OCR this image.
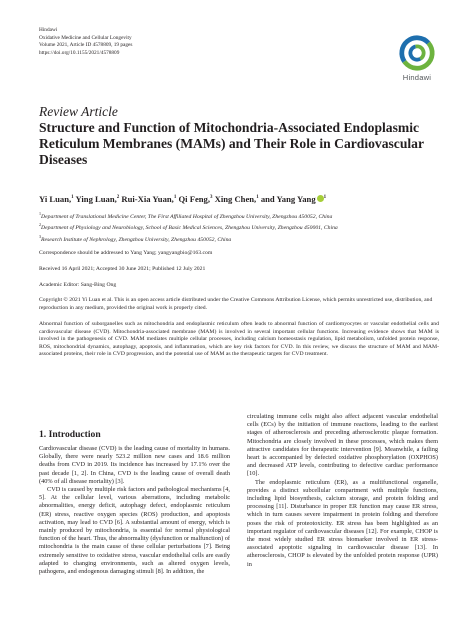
Hindawi
Oxidative Medicine and Cellular Longevity
Volume 2021, Article ID 4578809, 19 pages
https://doi.org/10.1155/2021/4578809
Hindawi
Review Article
Structure and Function of Mitochondria-Associated Endoplasmic Reticulum Membranes (MAMs) and Their Role in Cardiovascular Diseases
Yi Luan,$^1$ Ying Luan,$^2$ Rui-Xia Yuan,$^1$ Qi Feng,$^3$ Xing Chen,$^1$ and Yang Yang $^1$
$^1$Department of Translational Medicine Center, The First Affiliated Hospital of Zhengzhou University, Zhengzhou 450052, China
$^2$Department of Physiology and Neurobiology, School of Basic Medical Sciences, Zhengzhou University, Zhengzhou 450001, China
$^3$Research Institute of Nephrology, Zhengzhou University, Zhengzhou 450052, China
Correspondence should be addressed to Yang Yang; yangyangbio@163.com
Received 16 April 2021; Accepted 30 June 2021; Published 12 July 2021
Academic Editor: Sang-Bing Ong
Copyright © 2021 Yi Luan et al. This is an open access article distributed under the Creative Commons Attribution License, which permits unrestricted use, distribution, and reproduction in any medium, provided the original work is properly cited.
Abnormal function of suborganelles such as mitochondria and endoplasmic reticulum often leads to abnormal function of cardiomyocytes or vascular endothelial cells and cardiovascular disease (CVD). Mitochondria-associated membrane (MAM) is involved in several important cellular functions. Increasing evidence shows that MAM is involved in the pathogenesis of CVD. MAM mediates multiple cellular processes, including calcium homeostasis regulation, lipid metabolism, unfolded protein response, ROS, mitochondrial dynamics, autophagy, apoptosis, and inflammation, which are key risk factors for CVD. In this review, we discuss the structure of MAM and MAM-associated proteins, their role in CVD progression, and the potential use of MAM as the therapeutic targets for CVD treatment.
1. Introduction

Cardiovascular disease (CVD) is the leading cause of mortality in humans. Globally, there were nearly 523.2 million new cases and 18.6 million deaths from CVD in 2019. Its incidence has increased by 17.1% over the past decade [1, 2]. In China, CVD is the leading cause of overall death (40% of all disease mortality) [3].

CVD is caused by multiple risk factors and pathological mechanisms [4, 5]. At the cellular level, various aberrations, including metabolic abnormalities, energy deficit, autophagy defect, endoplasmic reticulum (ER) stress, reactive oxygen species (ROS) production, and apoptosis activation, may lead to CVD [6]. A substantial amount of energy, which is mainly produced by mitochondria, is essential for normal physiological function of the heart. Thus, the abnormality (dysfunction or malfunction) of mitochondria is the main cause of these cellular perturbations [7]. Being extremely sensitive to oxidative stress, vascular endothelial cells are easily adapted to changing environments, such as altered oxygen levels, pathogens, and endogenous damaging stimuli [8]. In addition, the

circulating immune cells might also affect adjacent vascular endothelial cells (ECs) by the initiation of immune reactions, leading to the earliest stages of atherosclerosis and preceding atherosclerotic plaque formation. Mitochondria are closely involved in these processes, which makes them attractive candidates for therapeutic intervention [9]. Meanwhile, a failing heart is accompanied by defected oxidative phosphorylation (OXPHOS) and decreased ATP levels, contributing to defective cardiac performance [10].

The endoplasmic reticulum (ER), as a multifunctional organelle, provides a distinct subcellular compartment with multiple functions, including lipid biosynthesis, calcium storage, and protein folding and processing [11]. Disturbance in proper ER function may cause ER stress, which in turn causes severe impairment in protein folding and therefore poses the risk of proteotoxicity. ER stress has been highlighted as an important regulator of cardiovascular diseases [12]. For example, CHOP is the most widely studied ER stress biomarker involved in ER stress-associated apoptotic signaling in cardiovascular disease [13]. In atherosclerosis, CHOP is elevated by the unfolded protein response (UPR) in
